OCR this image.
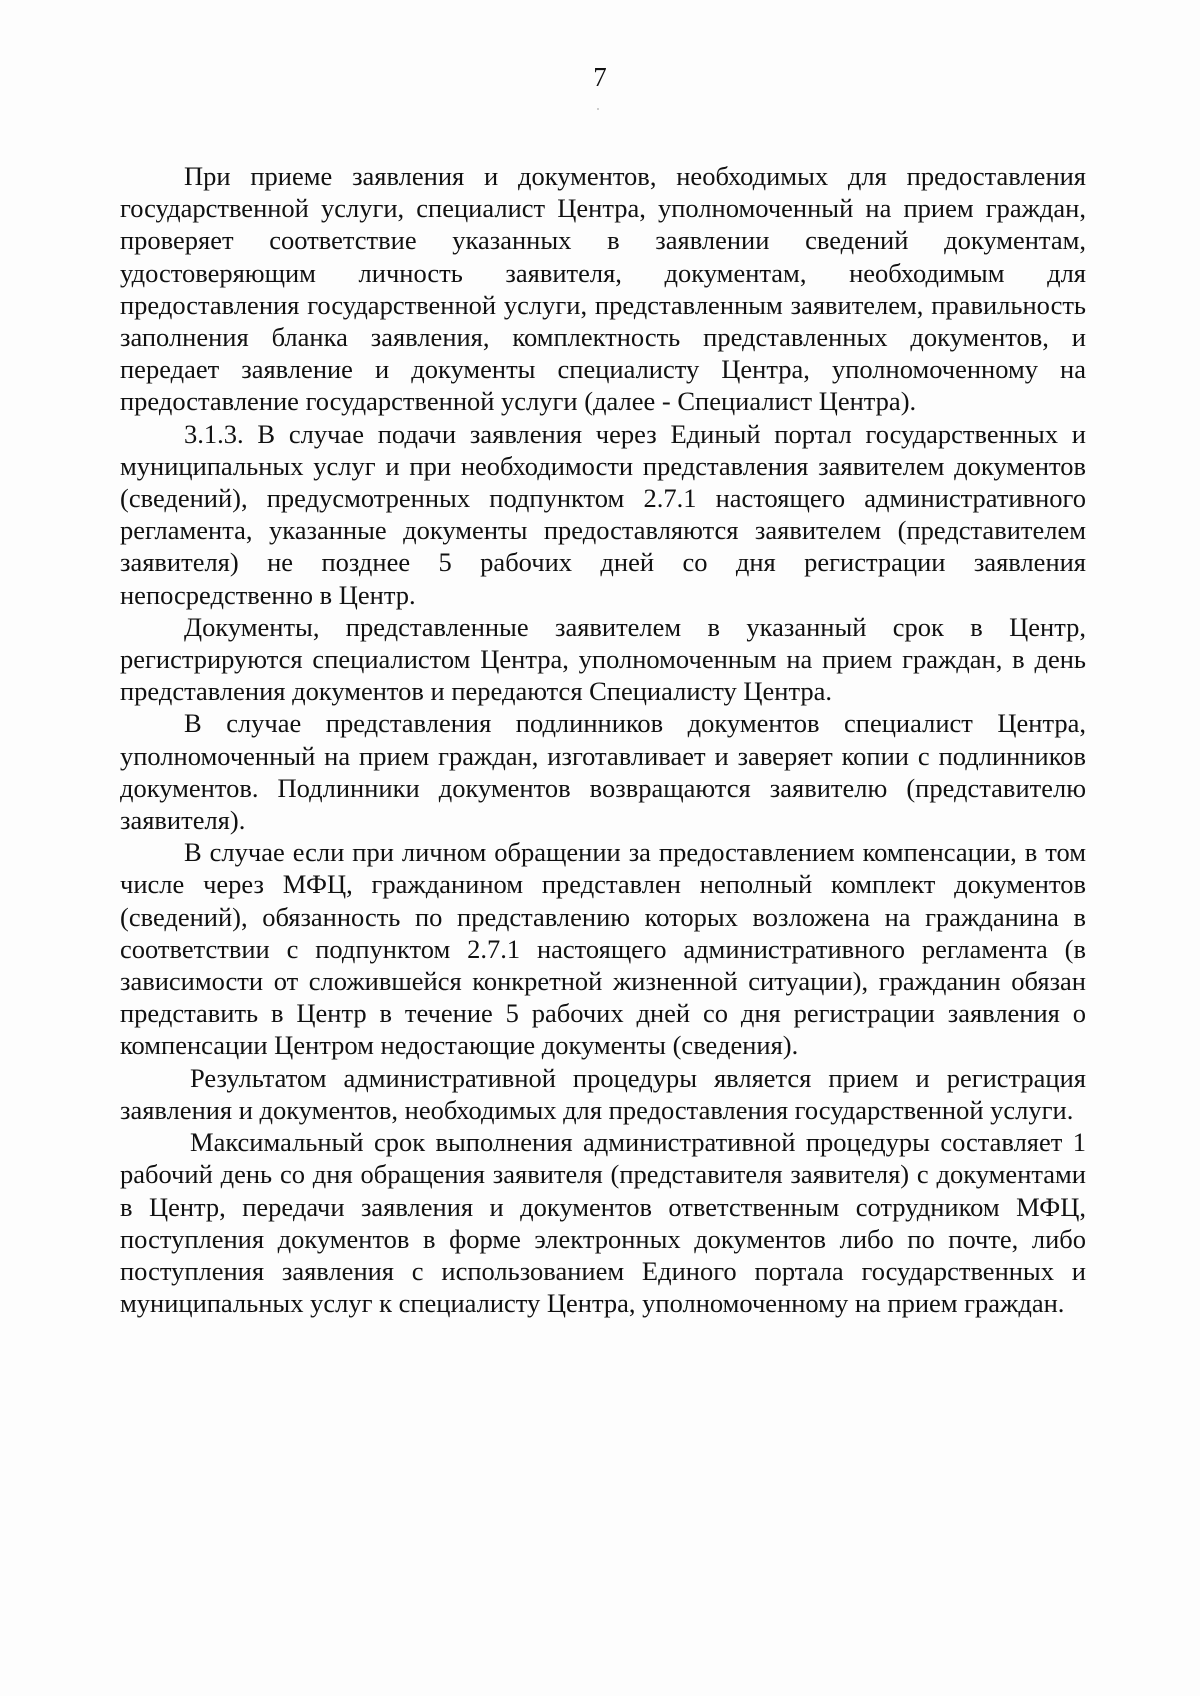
7

При приеме заявления и документов, необходимых для предоставления государственной услуги, специалист Центра, уполномоченный на прием граждан, проверяет соответствие указанных в заявлении сведений документам, удостоверяющим личность заявителя, документам, необходимым для предоставления государственной услуги, представленным заявителем, правильность заполнения бланка заявления, комплектность представленных документов, и передает заявление и документы специалисту Центра, уполномоченному на предоставление государственной услуги (далее - Специалист Центра).

3.1.3. В случае подачи заявления через Единый портал государственных и муниципальных услуг и при необходимости представления заявителем документов (сведений), предусмотренных подпунктом 2.7.1 настоящего административного регламента, указанные документы предоставляются заявителем (представителем заявителя) не позднее 5 рабочих дней со дня регистрации заявления непосредственно в Центр.

Документы, представленные заявителем в указанный срок в Центр, регистрируются специалистом Центра, уполномоченным на прием граждан, в день представления документов и передаются Специалисту Центра.

В случае представления подлинников документов специалист Центра, уполномоченный на прием граждан, изготавливает и заверяет копии с подлинников документов. Подлинники документов возвращаются заявителю (представителю заявителя).

В случае если при личном обращении за предоставлением компенсации, в том числе через МФЦ, гражданином представлен неполный комплект документов (сведений), обязанность по представлению которых возложена на гражданина в соответствии с подпунктом 2.7.1 настоящего административного регламента (в зависимости от сложившейся конкретной жизненной ситуации), гражданин обязан представить в Центр в течение 5 рабочих дней со дня регистрации заявления о компенсации Центром недостающие документы (сведения).

Результатом административной процедуры является прием и регистрация заявления и документов, необходимых для предоставления государственной услуги.

Максимальный срок выполнения административной процедуры составляет 1 рабочий день со дня обращения заявителя (представителя заявителя) с документами в Центр, передачи заявления и документов ответственным сотрудником МФЦ, поступления документов в форме электронных документов либо по почте, либо поступления заявления с использованием Единого портала государственных и муниципальных услуг к специалисту Центра, уполномоченному на прием граждан.
